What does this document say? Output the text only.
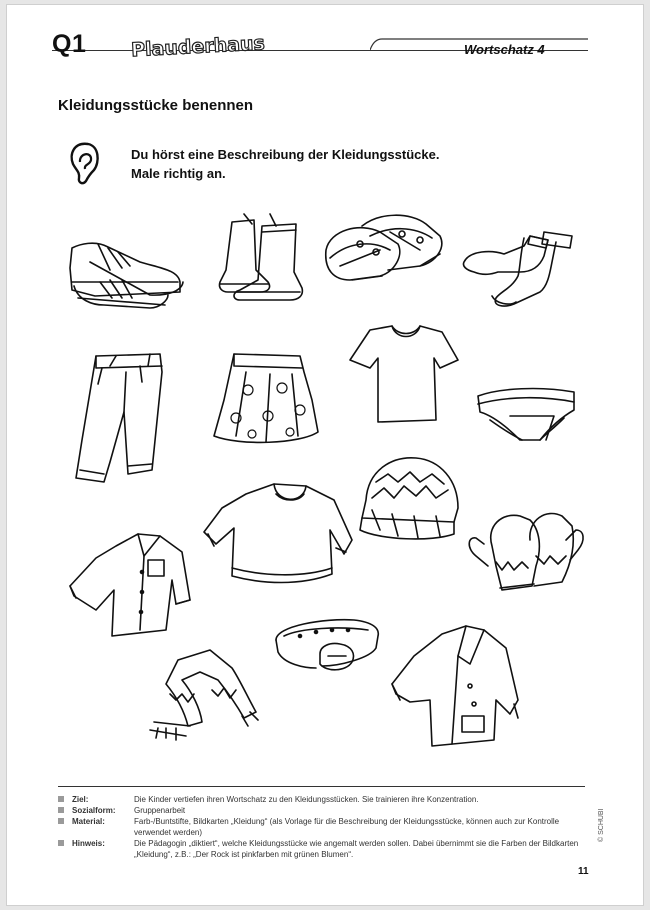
Q1 Plauderhaus	Wortschatz 4
Kleidungsstücke benennen
Du hörst eine Beschreibung der Kleidungsstücke.
Male richtig an.
Ziel:	Die Kinder vertiefen ihren Wortschatz zu den Kleidungsstücken. Sie trainieren ihre Konzentration.
Sozialform:	Gruppenarbeit
Material:	Farb-/Buntstifte, Bildkarten „Kleidung“ (als Vorlage für die Beschreibung der Kleidungsstücke, können auch zur Kontrolle verwendet werden)
Hinweis:	Die Pädagogin „diktiert“, welche Kleidungsstücke wie angemalt werden sollen. Dabei übernimmt sie die Farben der Bildkarten „Kleidung“, z.B.: „Der Rock ist pinkfarben mit grünen Blumen“.
© SCHUBI
11
